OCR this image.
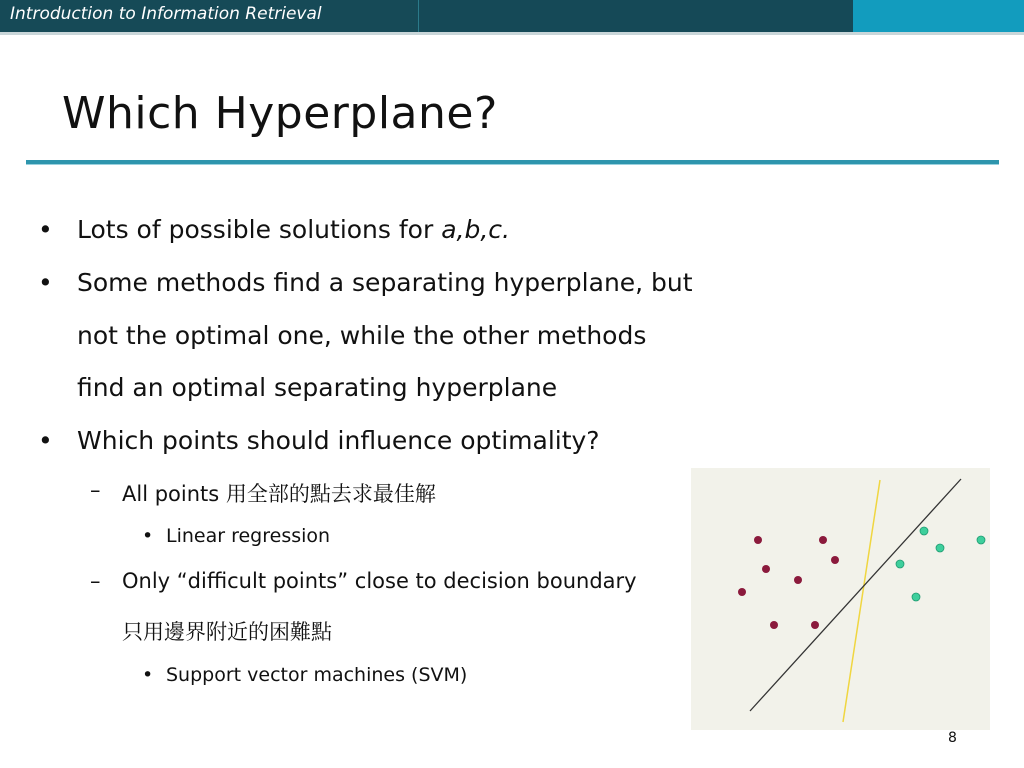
Introduction to Information Retrieval
Which Hyperplane?
• Lots of possible solutions for a,b,c.
• Some methods find a separating hyperplane, but
not the optimal one, while the other methods
find an optimal separating hyperplane
• Which points should influence optimality?
– All points 用全部的點去求最佳解
• Linear regression
– Only “difficult points” close to decision boundary
只用邊界附近的困難點
• Support vector machines (SVM)
8
